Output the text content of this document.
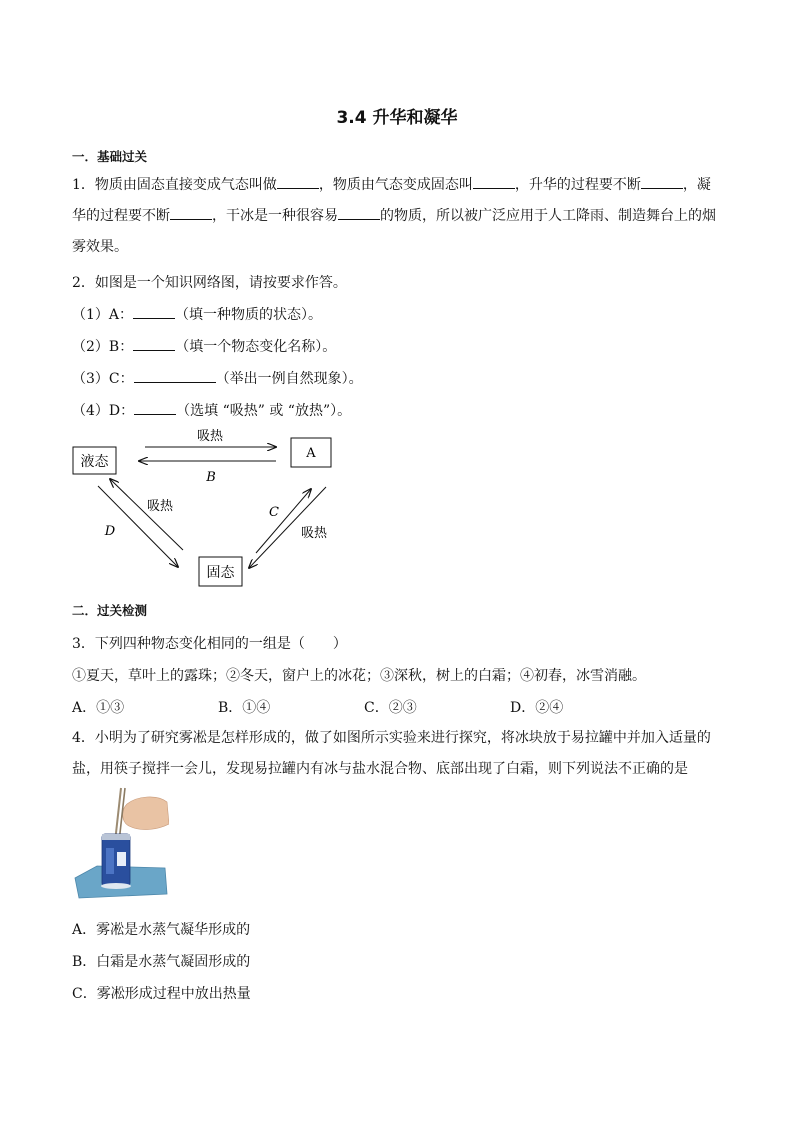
3.4 升华和凝华
一．基础过关
1．物质由固态直接变成气态叫做	，物质由气态变成固态叫	，升华的过程要不断	，凝华的过程要不断	，干冰是一种很容易	的物质，所以被广泛应用于人工降雨、制造舞台上的烟雾效果。
2．如图是一个知识网络图，请按要求作答。
（1）A：	（填一种物质的状态）。
（2）B：	（填一个物态变化名称）。
（3）C：	（举出一例自然现象）。
（4）D：	（选填 “吸热” 或 “放热”）。
液态
A
固态
吸热
B
吸热
D
C
吸热
二．过关检测
3．下列四种物态变化相同的一组是（　　）
①夏天，草叶上的露珠；②冬天，窗户上的冰花；③深秋，树上的白霜；④初春，冰雪消融。
A．①③	B．①④	C．②③	D．②④
4．小明为了研究雾凇是怎样形成的，做了如图所示实验来进行探究，将冰块放于易拉罐中并加入适量的盐，用筷子搅拌一会儿，发现易拉罐内有冰与盐水混合物、底部出现了白霜，则下列说法不正确的是　　
A．雾凇是水蒸气凝华形成的
B．白霜是水蒸气凝固形成的
C．雾凇形成过程中放出热量
